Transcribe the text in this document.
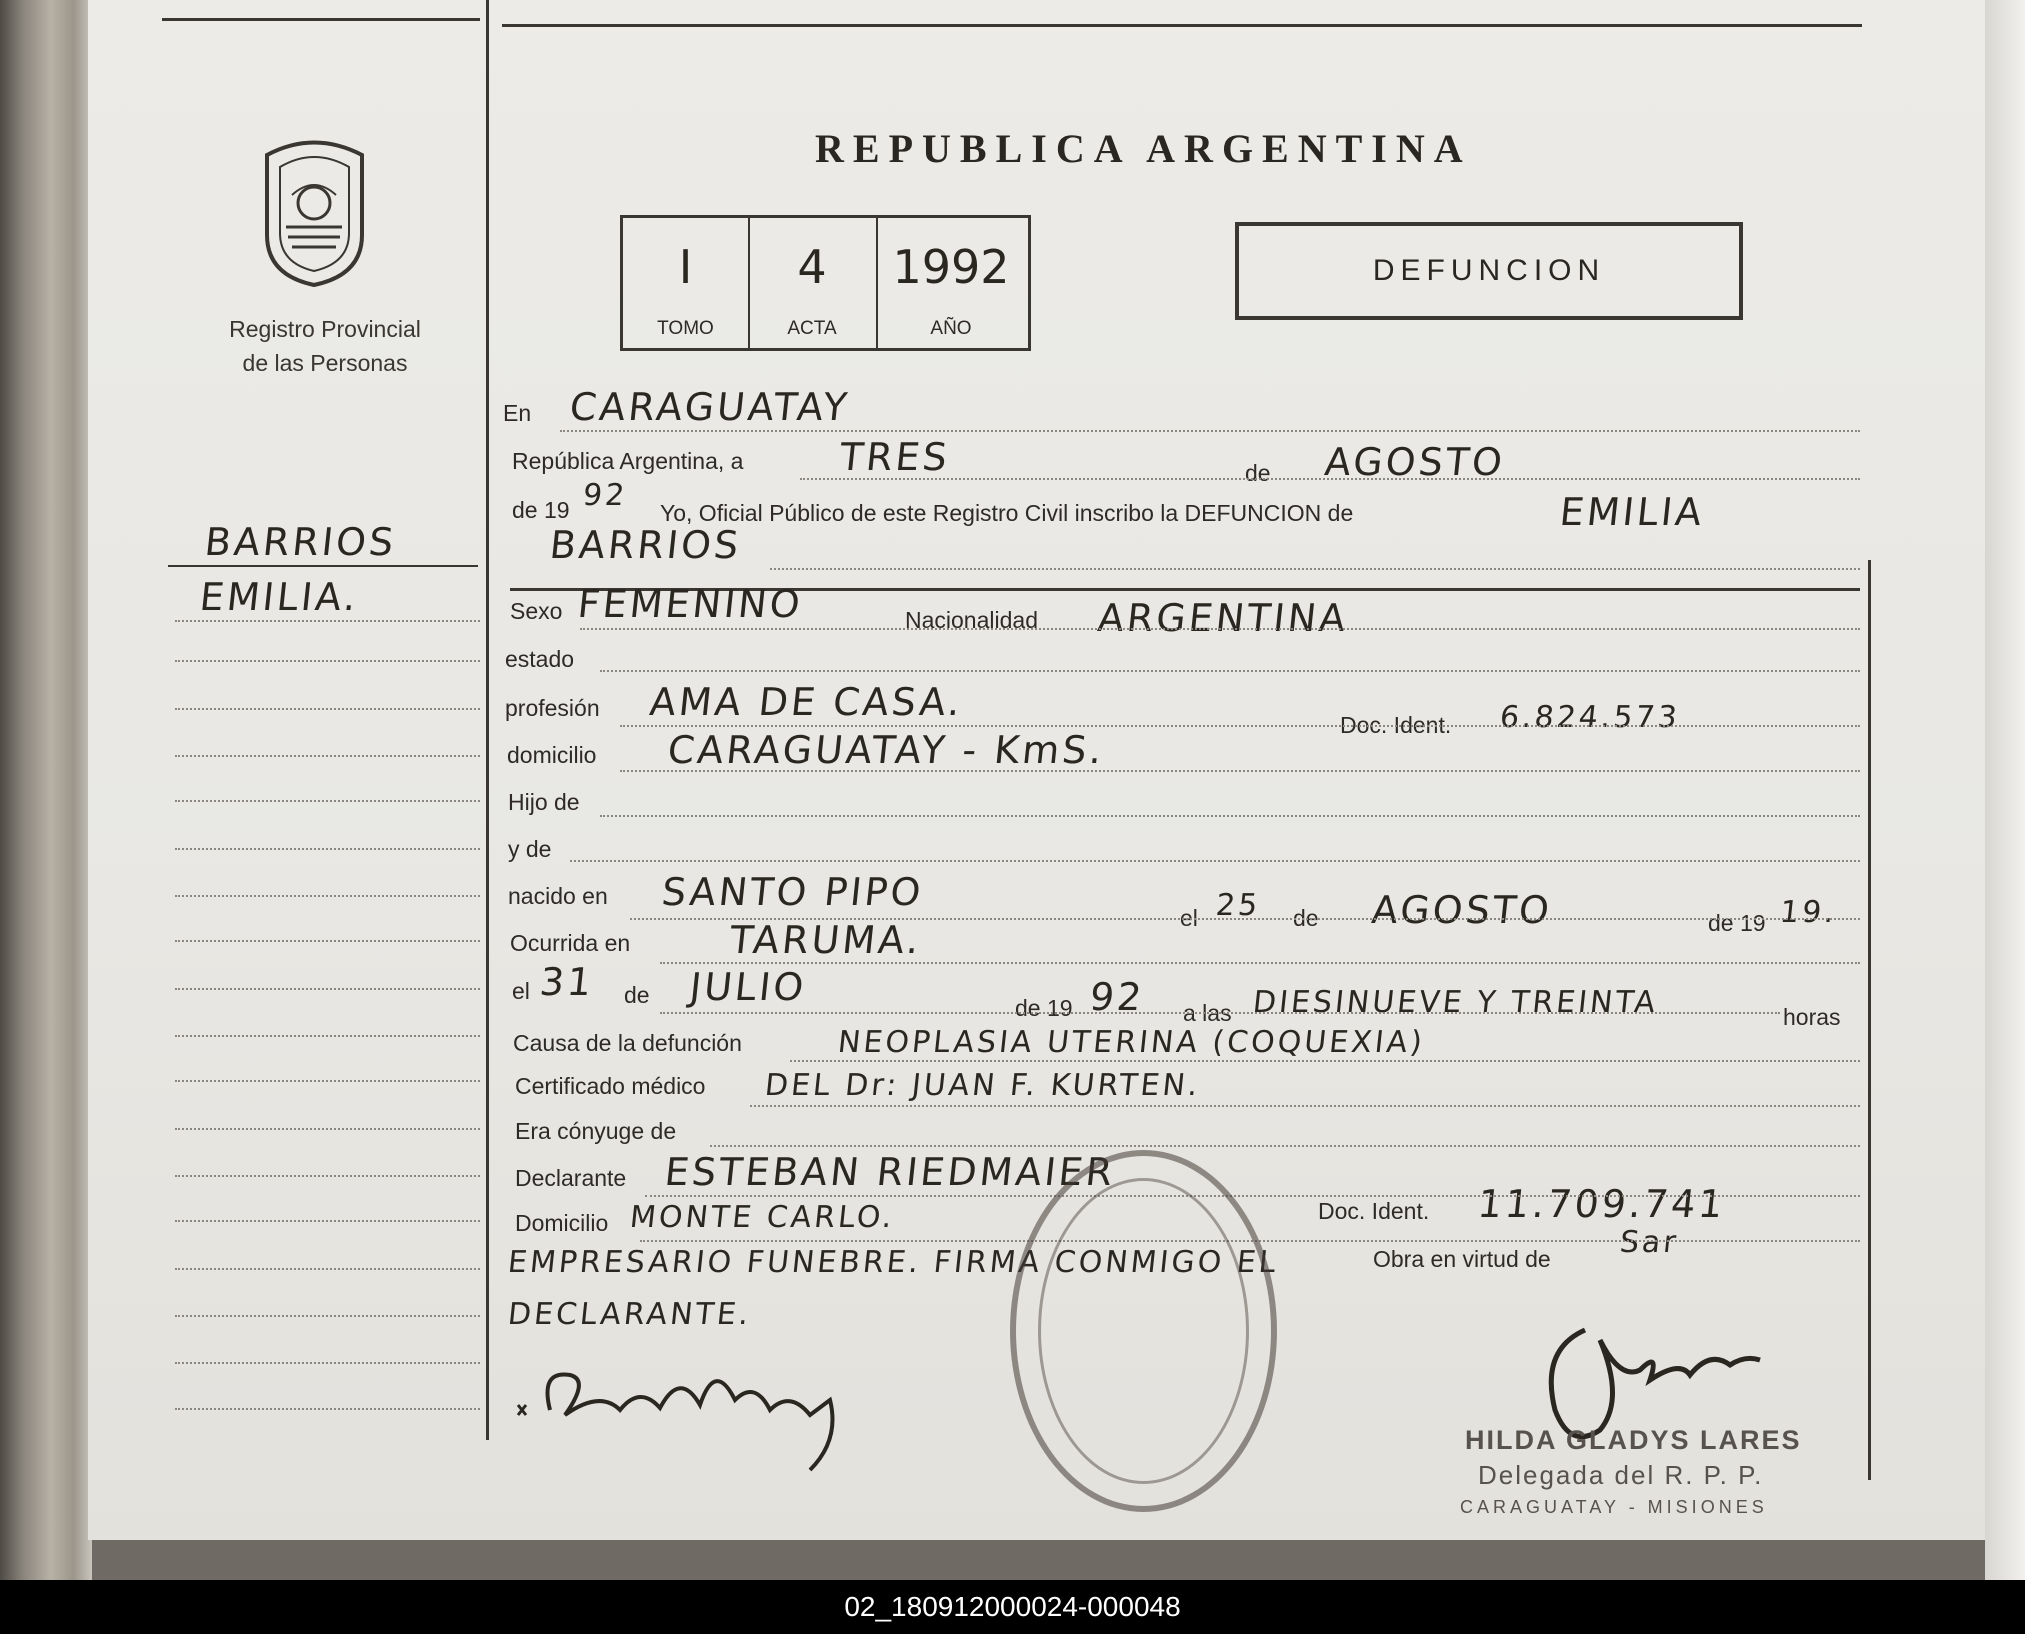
Registro Provincial
de las Personas
REPUBLICA ARGENTINA
I
TOMO
4
ACTA
1992
AÑO
DEFUNCION
BARRIOS
EMILIA.
En CARAGUATAY
República Argentina, a TRES	de AGOSTO
de 19 92 Yo, Oficial Público de este Registro Civil inscribo la DEFUNCION de	EMILIA
BARRIOS
Sexo FEMENINO	Nacionalidad ARGENTINA
estado
profesión AMA DE CASA.
Doc. Ident. 6.824.573
domicilio CARAGUATAY - KmS.
Hijo de
y de
nacido en SANTO PIPO
el 25 de AGOSTO	de 19 19.
Ocurrida en	TARUMA.
el 31 de JULIO	de 19 92 a las DIESINUEVE Y TREINTA	horas
Causa de la defunción	NEOPLASIA UTERINA (COQUEXIA)
Certificado médico DEL Dr: JUAN F. KURTEN.
Era cónyuge de
Declarante ESTEBAN RIEDMAIER
Doc. Ident. 11.709.741
Domicilio MONTE CARLO.
Obra en virtud de Sar
EMPRESARIO FUNEBRE. FIRMA CONMIGO EL
DECLARANTE.
HILDA GLADYS LARES
Delegada del R. P. P.
CARAGUATAY - MISIONES
02_180912000024-000048
